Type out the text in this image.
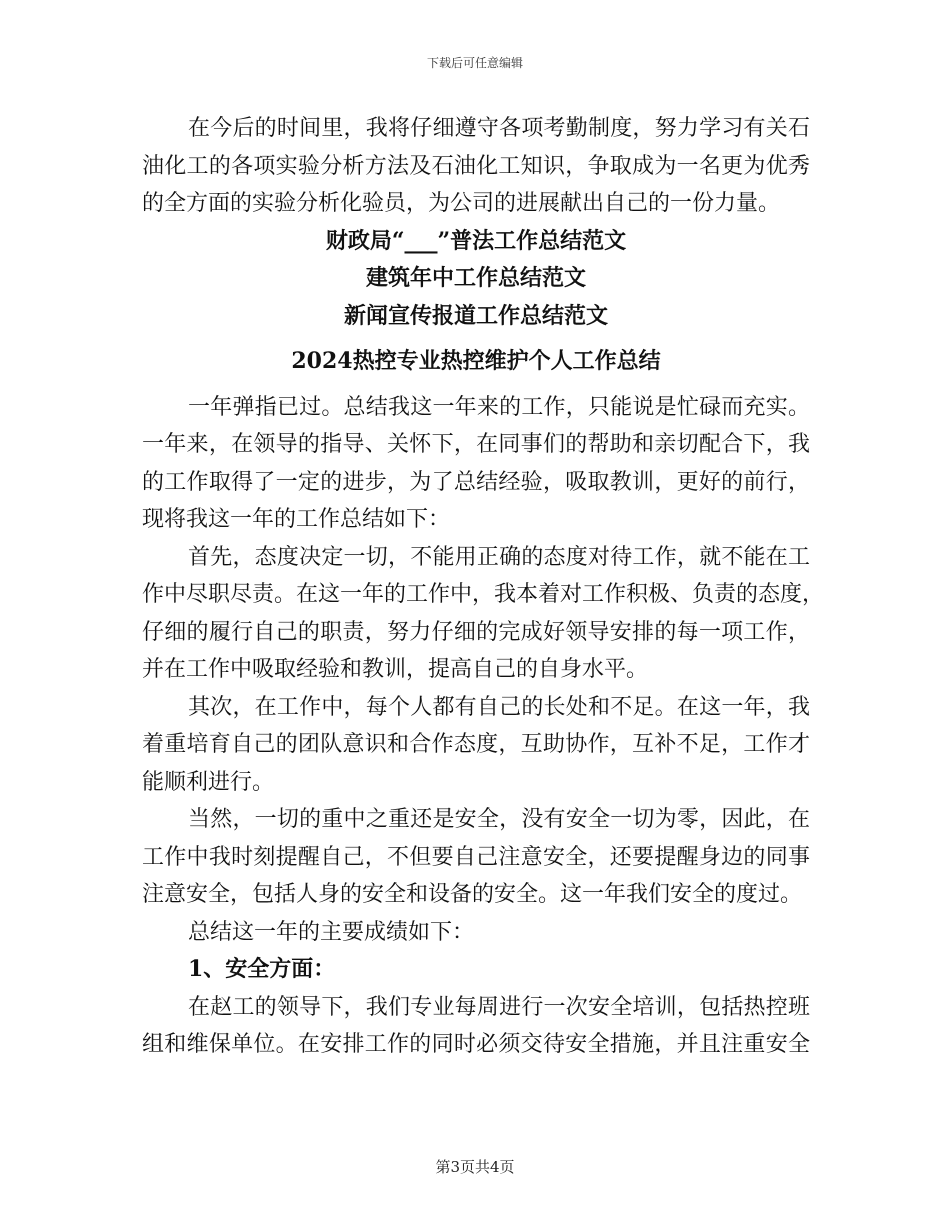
下载后可任意编辑
在今后的时间里，我将仔细遵守各项考勤制度，努力学习有关石
油化工的各项实验分析方法及石油化工知识，争取成为一名更为优秀
的全方面的实验分析化验员，为公司的进展献出自己的一份力量。
财政局“___”普法工作总结范文
建筑年中工作总结范文
新闻宣传报道工作总结范文
2024热控专业热控维护个人工作总结
一年弹指已过。总结我这一年来的工作，只能说是忙碌而充实。
一年来，在领导的指导、关怀下，在同事们的帮助和亲切配合下，我
的工作取得了一定的进步，为了总结经验，吸取教训，更好的前行，
现将我这一年的工作总结如下：
首先，态度决定一切，不能用正确的态度对待工作，就不能在工
作中尽职尽责。在这一年的工作中，我本着对工作积极、负责的态度，
仔细的履行自己的职责，努力仔细的完成好领导安排的每一项工作，
并在工作中吸取经验和教训，提高自己的自身水平。
其次，在工作中，每个人都有自己的长处和不足。在这一年，我
着重培育自己的团队意识和合作态度，互助协作，互补不足，工作才
能顺利进行。
当然，一切的重中之重还是安全，没有安全一切为零，因此，在
工作中我时刻提醒自己，不但要自己注意安全，还要提醒身边的同事
注意安全，包括人身的安全和设备的安全。这一年我们安全的度过。
总结这一年的主要成绩如下：
1、安全方面：
在赵工的领导下，我们专业每周进行一次安全培训，包括热控班
组和维保单位。在安排工作的同时必须交待安全措施，并且注重安全
第3页共4页
